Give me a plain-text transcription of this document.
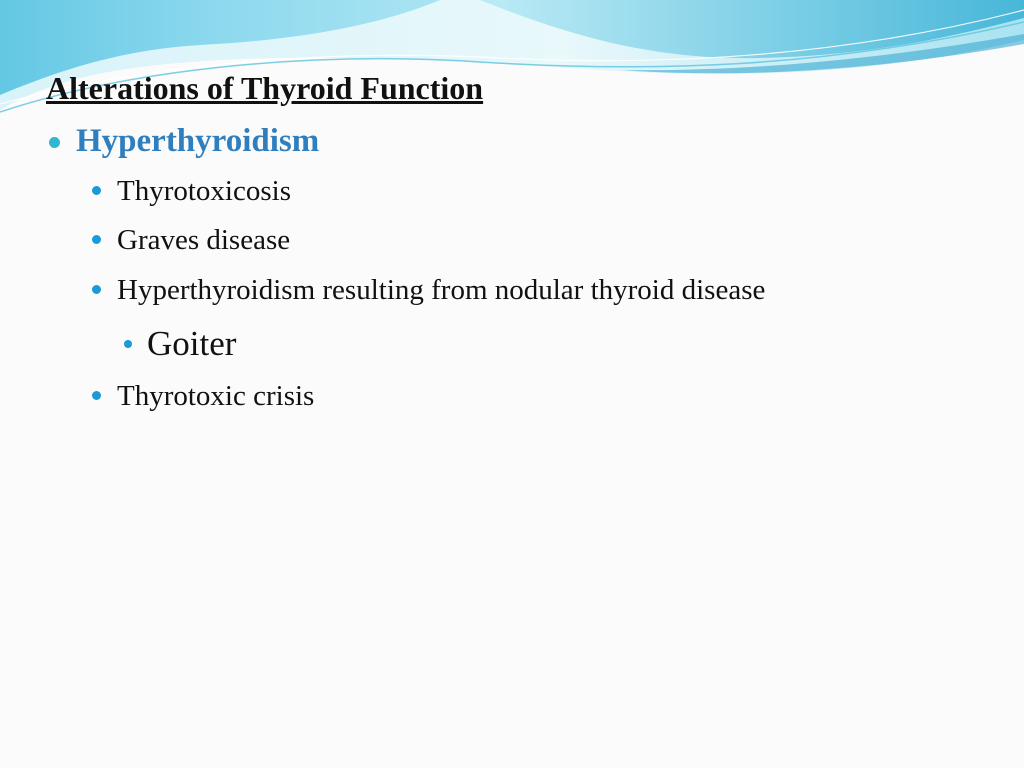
Alterations of Thyroid Function
Hyperthyroidism
Thyrotoxicosis
Graves disease
Hyperthyroidism resulting from nodular thyroid disease
Goiter
Thyrotoxic crisis
